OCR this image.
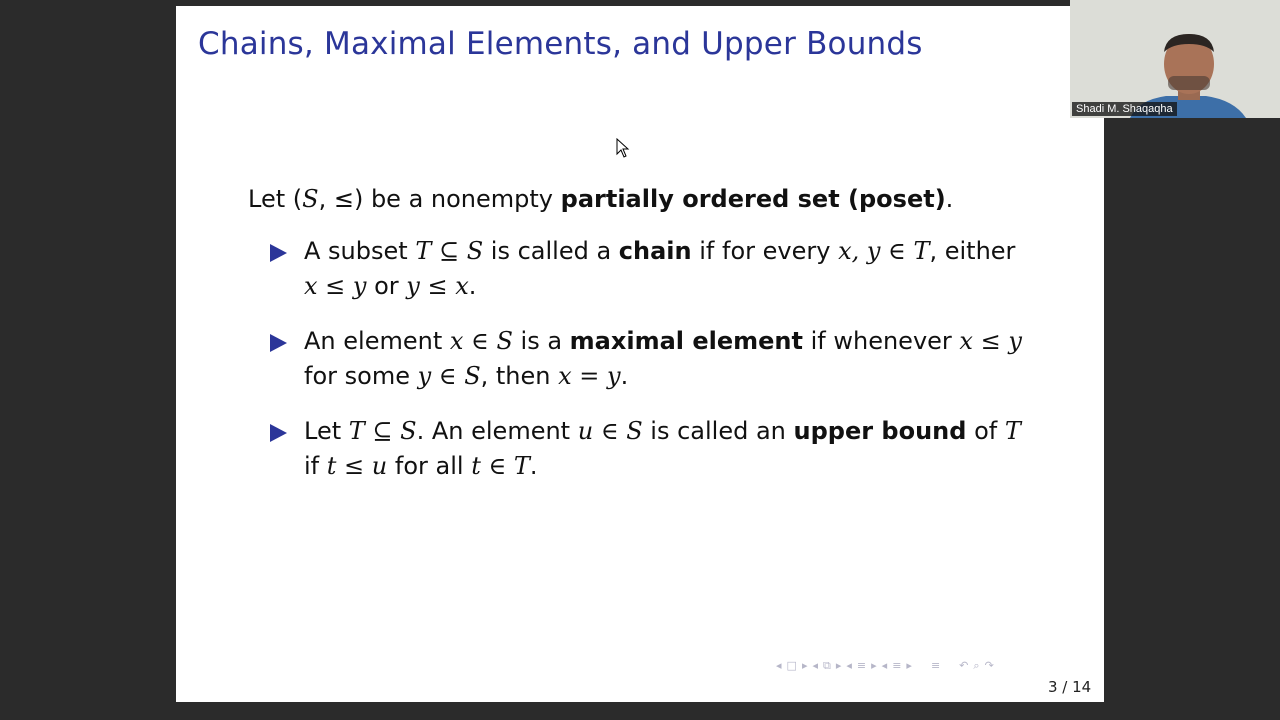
Chains, Maximal Elements, and Upper Bounds
Let (S, ≤) be a nonempty partially ordered set (poset).
A subset T ⊆ S is called a chain if for every x, y ∈ T, either
x ≤ y or y ≤ x.
An element x ∈ S is a maximal element if whenever x ≤ y
for some y ∈ S, then x = y.
Let T ⊆ S. An element u ∈ S is called an upper bound of T
if t ≤ u for all t ∈ T.
◂ □ ▸ ◂ ⧉ ▸ ◂ ≡ ▸ ◂ ≡ ▸ ≡ ↶ ⌕ ↷
3 / 14
Shadi M. Shaqaqha
